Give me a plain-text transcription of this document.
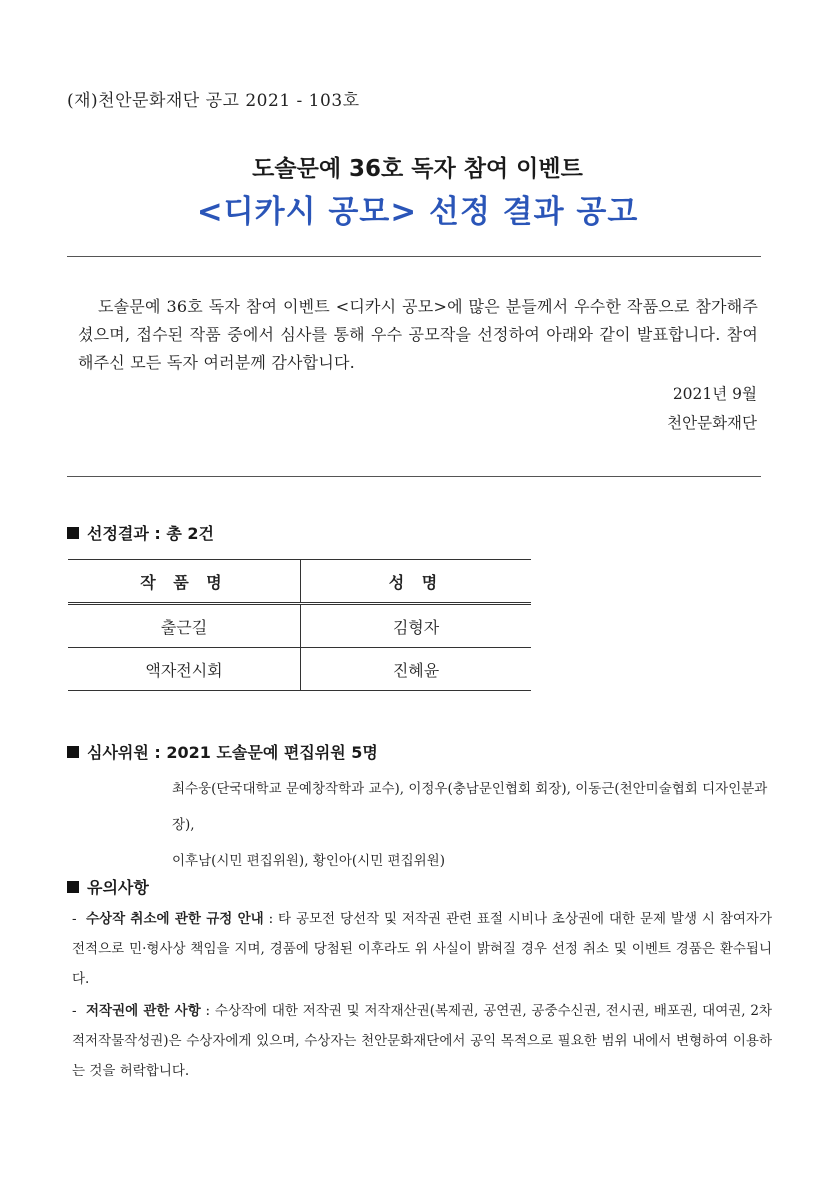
(재)천안문화재단 공고 2021 - 103호
도솔문예 36호 독자 참여 이벤트
<디카시 공모> 선정 결과 공고

도솔문예 36호 독자 참여 이벤트 <디카시 공모>에 많은 분들께서 우수한 작품으로 참가해주셨으며, 접수된 작품 중에서 심사를 통해 우수 공모작을 선정하여 아래와 같이 발표합니다. 참여해주신 모든 독자 여러분께 감사합니다.

2021년 9월
천안문화재단
선정결과 : 총 2건
작 품 명	성 명
출근길	김형자
액자전시회	진혜윤
심사위원 : 2021 도솔문예 편집위원 5명
최수웅(단국대학교 문예창작학과 교수), 이정우(충남문인협회 회장), 이동근(천안미술협회 디자인분과장),
이후남(시민 편집위원), 황인아(시민 편집위원)
유의사항

- 수상작 취소에 관한 규정 안내 : 타 공모전 당선작 및 저작권 관련 표절 시비나 초상권에 대한 문제 발생 시 참여자가 전적으로 민·형사상 책임을 지며, 경품에 당첨된 이후라도 위 사실이 밝혀질 경우 선정 취소 및 이벤트 경품은 환수됩니다.

- 저작권에 관한 사항 : 수상작에 대한 저작권 및 저작재산권(복제권, 공연권, 공중수신권, 전시권, 배포권, 대여권, 2차적저작물작성권)은 수상자에게 있으며, 수상자는 천안문화재단에서 공익 목적으로 필요한 범위 내에서 변형하여 이용하는 것을 허락합니다.
